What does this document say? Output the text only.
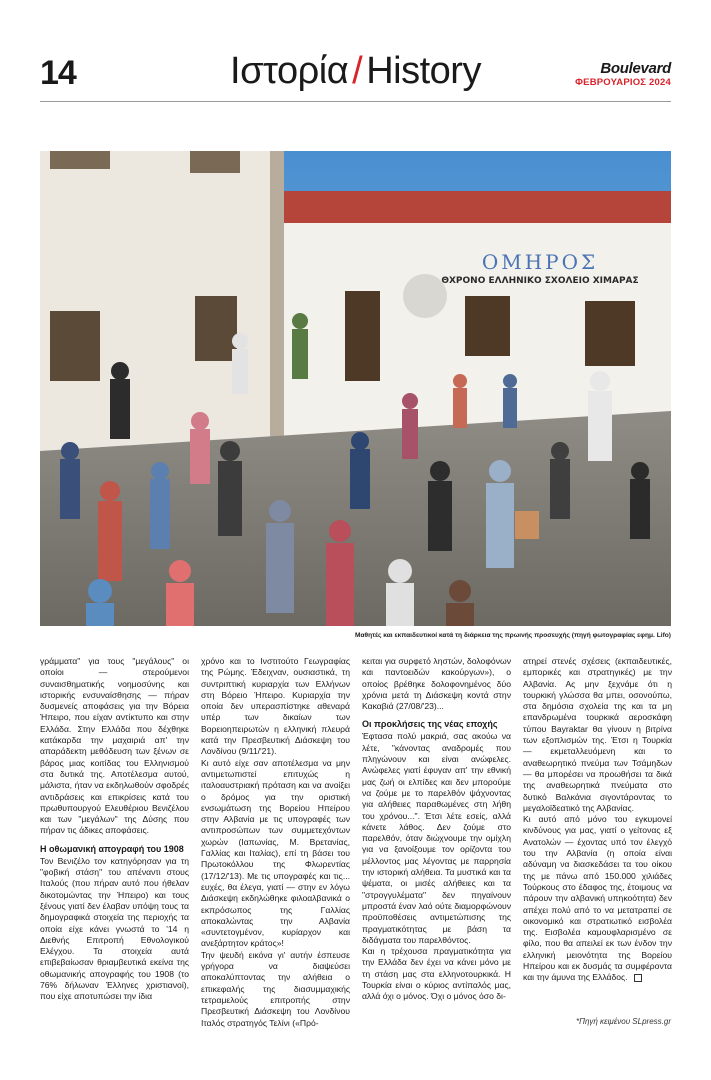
14	Ιστορία / History	Boulevard
ΦΕΒΡΟΥΑΡΙΟΣ 2024
ΟΜΗΡΟΣ
ΘΧΡΟΝΟ ΕΛΛΗΝΙΚΟ ΣΧΟΛΕΙΟ ΧΙΜΑΡΑΣ
Μαθητές και εκπαιδευτικοί κατά τη διάρκεια της πρωινής προσευχής (πηγή φωτογραφίας εφημ. Lifo)

γράμματα" για τους "μεγάλους" οι οποίοι — στερούμενοι συναισθηματικής νοημοσύνης και ιστορικής ενσυναίσθησης — πήραν δυσμενείς αποφάσεις για την Βόρεια Ήπειρο, που είχαν αντίκτυπο και στην Ελλάδα. Στην Ελλάδα που δέχθηκε κατάκαρδα την μαχαιριά απ' την απαράδεκτη μεθόδευση των ξένων σε βάρος μιας κοιτίδας του Ελληνισμού στα δυτικά της. Αποτέλεσμα αυτού, μάλιστα, ήταν να εκδηλωθούν σφοδρές αντιδράσεις και επικρίσεις κατά του πρωθυπουργού Ελευθέριου Βενιζέλου και των "μεγάλων" της Δύσης που πήραν τις άδικες αποφάσεις.

Η οθωμανική απογραφή του 1908

Τον Βενιζέλο τον κατηγόρησαν για τη "φοβική στάση" του απέναντι στους Ιταλούς (που πήραν αυτό που ήθελαν δικοτομώντας την Ήπειρο) και τους ξένους γιατί δεν έλαβαν υπόψη τους τα δημογραφικά στοιχεία της περιοχής τα οποία είχε κάνει γνωστά το '14 η Διεθνής Επιτροπή Εθνολογικού Ελέγχου. Τα στοιχεία αυτά επιβεβαίωσαν θριαμβευτικά εκείνα της οθωμανικής απογραφής του 1908 (το 76% δήλωναν Έλληνες χριστιανοί), που είχε αποτυπώσει την ίδια

χρόνο και το Ινστιτούτο Γεωγραφίας της Ρώμης. Έδειχναν, ουσιαστικά, τη συντριπτική κυριαρχία των Ελλήνων στη Βόρειο Ήπειρο. Κυριαρχία την οποία δεν υπερασπίστηκε αθεναρά υπέρ των δικαίων των Βορειοηπειρωτών η ελληνική πλευρά κατά την Πρεσβευτική Διάσκεψη του Λονδίνου (9/11/'21).

Κι αυτό είχε σαν αποτέλεσμα να μην αντιμετωπιστεί επιτυχώς η ιταλοαυστριακή πρόταση και να ανοίξει ο δρόμος για την οριστική ενσωμάτωση της Βορείου Ηπείρου στην Αλβανία με τις υπογραφές των αντιπροσώπων των συμμετεχόντων χωρών (Ιαπωνίας, Μ. Βρετανίας, Γαλλίας και Ιταλίας), επί τη βάσει του Πρωτοκόλλου της Φλωρεντίας (17/12/'13). Με τις υπογραφές και τις... ευχές, θα έλεγα, γιατί — στην εν λόγω Διάσκεψη εκδηλώθηκε φιλοαλβανικά ο εκπρόσωπος της Γαλλίας αποκαλώντας την Αλβανία «συντετογμένον, κυρίαρχον και ανεξάρτητον κράτος»!

Την ψευδή εικόνα γι' αυτήν έσπευσε γρήγορα να διαψεύσει αποκαλύπτοντας την αλήθεια ο επικεφαλής της διασυμμαχικής τετραμελούς επιτροπής στην Πρεσβευτική Διάσκεψη του Λονδίνου Ιταλός στρατηγός Τελίνι («Πρό-

κειται για συρφετό ληστών, δολοφόνων και παντοειδών κακούργων»), ο οποίος βρέθηκε δολοφονημένος δύο χρόνια μετά τη Διάσκεψη κοντά στην Κακαβιά (27/08/'23)...

Οι προκλήσεις της νέας εποχής

Έφτασα πολύ μακριά, σας ακούω να λέτε, "κάνοντας αναδρομές που πληγώνουν και είναι ανώφελες. Ανώφελες γιατί έφυγαν απ' την εθνική μας ζωή οι ελπίδες και δεν μπορούμε να ζούμε με το παρελθόν ψάχνοντας για αλήθειες παραθωμένες στη λήθη του χρόνου...". Έτσι λέτε εσείς, αλλά κάνετε λάθος. Δεν ζούμε στο παρελθόν, όταν διώχνουμε την ομίχλη για να ξανοίξουμε τον ορίζοντα του μέλλοντος μας λέγοντας με παρρησία την ιστορική αλήθεια. Τα μυστικά και τα ψέματα, οι μισές αλήθειες και τα "στρογγυλέματα" δεν πηγαίνουν μπροστά έναν λαό ούτε διαμορφώνουν προϋποθέσεις αντιμετώπισης της πραγματικότητας με βάση τα διδάγματα του παρελθόντος.

Και η τρέχουσα πραγματικότητα για την Ελλάδα δεν έχει να κάνει μόνο με τη στάση μας στα ελληνοτουρκικά. Η Τουρκία είναι ο κύριος αντίπαλός μας, αλλά όχι ο μόνος. Όχι ο μόνος όσο δι-

ατηρεί στενές σχέσεις (εκπαιδευτικές, εμπορικές και στρατηγικές) με την Αλβανία. Ας μην ξεχνάμε ότι η τουρκική γλώσσα θα μπει, οσονούπω, στα δημόσια σχολεία της και τα μη επανδρωμένα τουρκικά αεροσκάφη τύπου Bayraktar θα γίνουν η βιτρίνα των εξοπλισμών της. Έτσι η Τουρκία — εκμεταλλευόμενη και το αναθεωρητικό πνεύμα των Τσάμηδων — θα μπορέσει να προωθήσει τα δικά της αναθεωρητικά πνεύματα στο δυτικό Βαλκάνια σιγοντάροντας το μεγαλοϊδεατικό της Αλβανίας.

Κι αυτό από μόνο του εγκυμονεί κινδύνους για μας, γιατί ο γείτονας εξ Ανατολών — έχοντας υπό τον έλεγχό του την Αλβανία (η οποία είναι αδύναμη να διασκεδάσει τα του οίκου της με πάνω από 150.000 χιλιάδες Τούρκους στο έδαφος της, έτοιμους να πάρουν την αλβανική υπηκοότητα) δεν απέχει πολύ από το να μετατραπεί σε οικονομικό και στρατιωτικό εισβολέα της. Εισβολέα καμουφλαρισμένο σε φίλο, που θα απειλεί εκ των ένδον την ελληνική μειονότητα της Βορείου Ηπείρου και εκ δυσμάς τα συμφέροντα και την άμυνα της Ελλάδος.

*Πηγή κειμένου SLpress.gr
